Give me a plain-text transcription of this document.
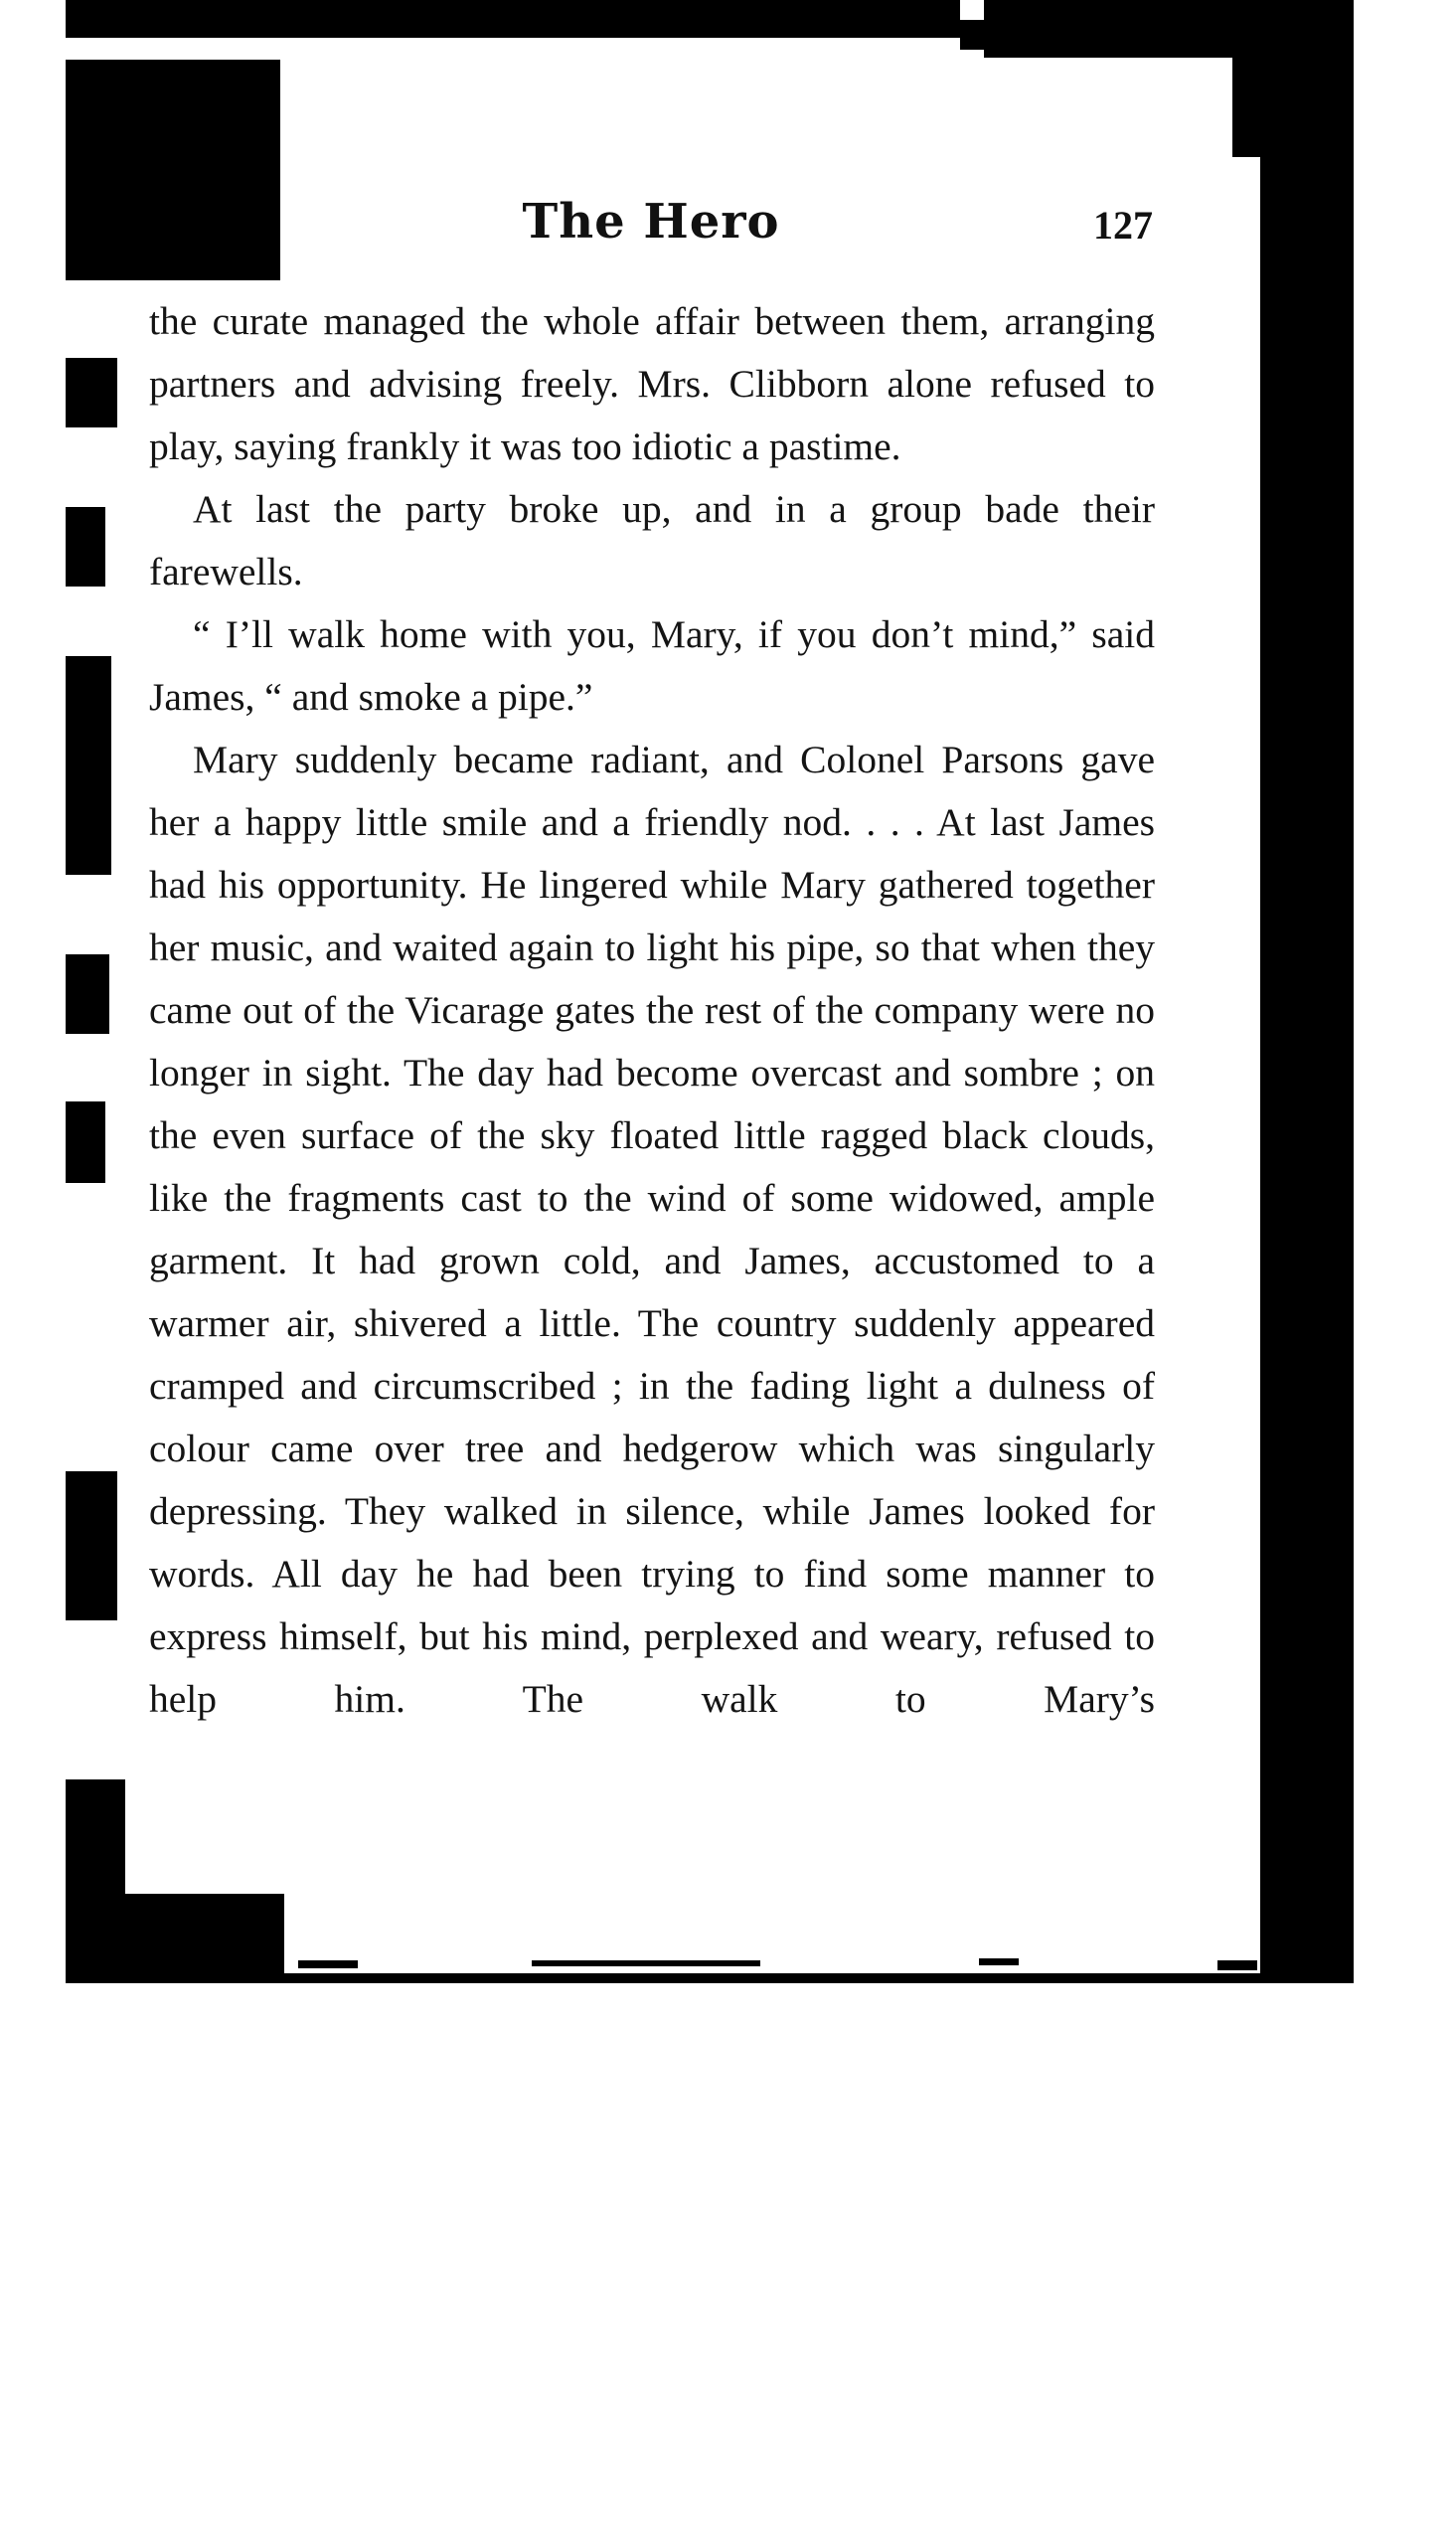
The Hero	127

the curate managed the whole affair between them, arranging partners and advising freely. Mrs. Clibborn alone refused to play, saying frankly it was too idiotic a pastime.

At last the party broke up, and in a group bade their farewells.

“ I’ll walk home with you, Mary, if you don’t mind,” said James, “ and smoke a pipe.”

Mary suddenly became radiant, and Colonel Parsons gave her a happy little smile and a friendly nod. . . . At last James had his opportunity. He lingered while Mary gathered together her music, and waited again to light his pipe, so that when they came out of the Vicarage gates the rest of the company were no longer in sight. The day had become overcast and sombre ; on the even surface of the sky floated little ragged black clouds, like the fragments cast to the wind of some widowed, ample garment. It had grown cold, and James, accustomed to a warmer air, shivered a little. The country suddenly appeared cramped and circumscribed ; in the fading light a dulness of colour came over tree and hedgerow which was singularly depressing. They walked in silence, while James looked for words. All day he had been trying to find some manner to express himself, but his mind, perplexed and weary, refused to help him. The walk to Mary’s
